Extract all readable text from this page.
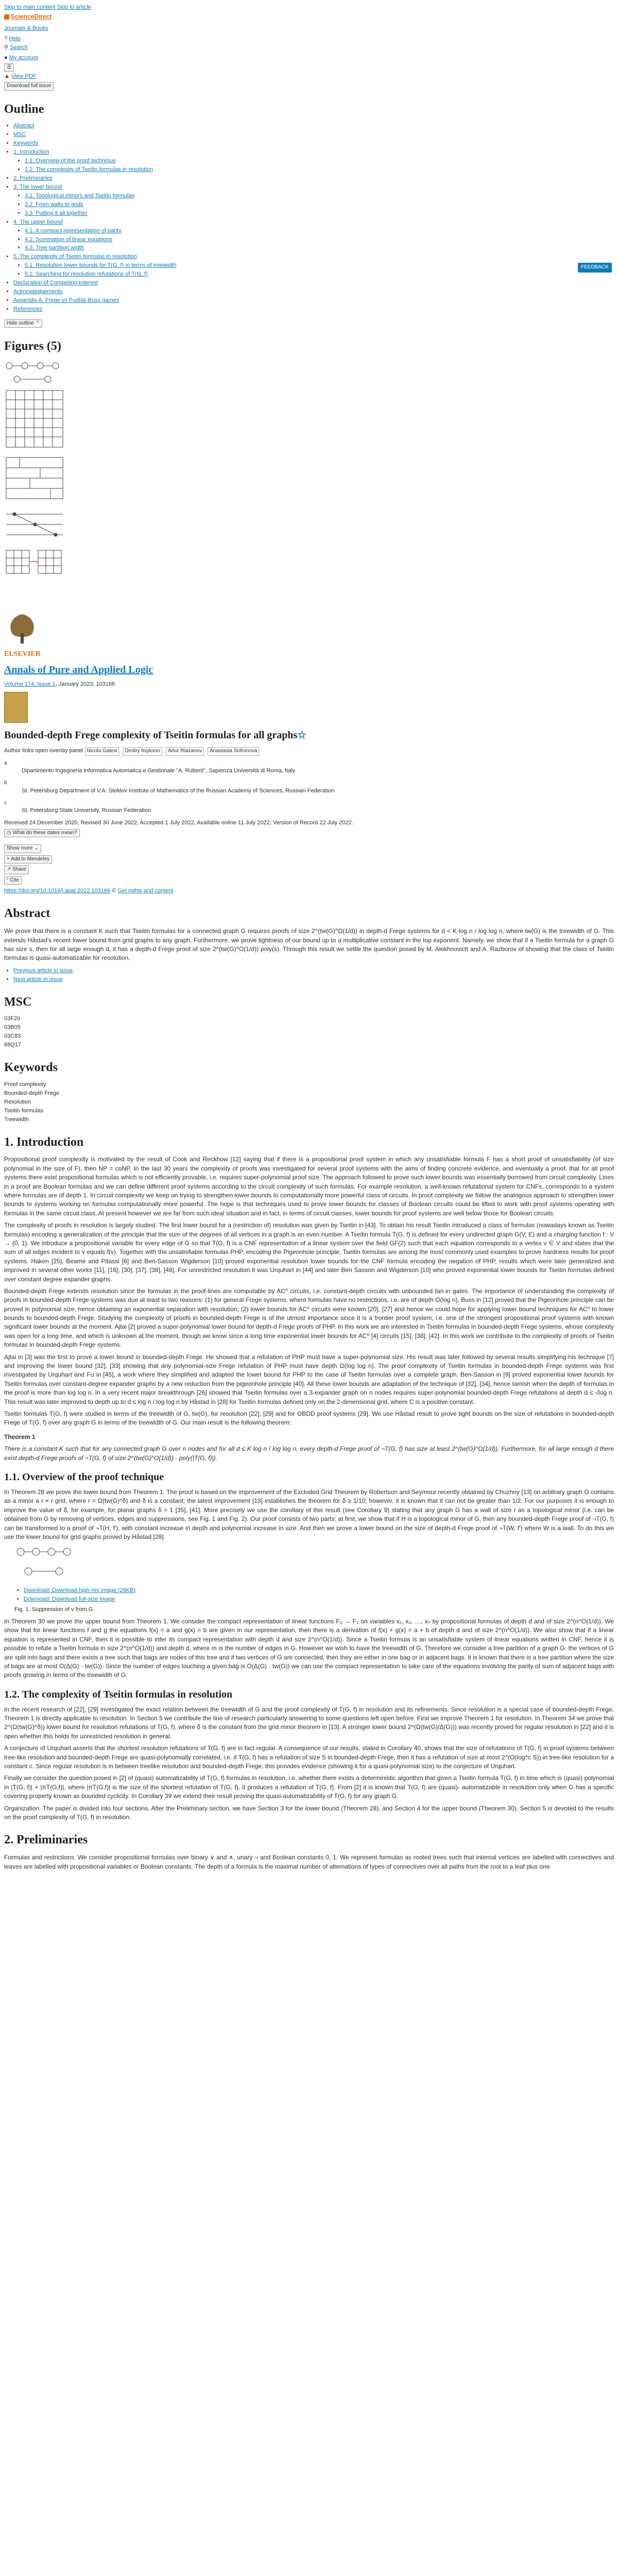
Skip to main content Skip to article
ScienceDirect
Journals & Books
? Help
⚲ Search
● My account
☰
▲ View PDF
Download full issue
Outline
• Abstract
• MSC
• Keywords
• 1. Introduction
• 1.1. Overview of the proof technique
• 1.2. The complexity of Tseitin formulas in resolution
• 2. Preliminaries
• 3. The lower bound
• 3.1. Topological minors and Tseitin formulas
• 3.2. From walls to grids
• 3.3. Putting it all together
• 4. The upper bound
• 4.1. A compact representation of parity
• 4.2. Summation of linear equations
• 4.3. Tree-partition width
• 5. The complexity of Tseitin formulas in resolution
• 5.1. Resolution lower bounds for T(G, f) in terms of treewidth
• 5.2. Searching for resolution refutations of T(G, f)
• Declaration of Competing Interest
• Acknowledgements
• Appendix A. Frege vs Pudlák-Buss games
• References
Hide outline ⌃
FEEDBACK
Figures (5)
ELSEVIER
Annals of Pure and Applied Logic
Volume 174, Issue 1, January 2023, 103166
Bounded-depth Frege complexity of Tseitin formulas for all graphs☆
Author links open overlay panel Nicola Galesi Dmitry Itsykson Artur Riazanov Anastasia Sofronova
a
Dipartimento Ingegneria Informatica Automatica e Gestionale "A. Ruberti", Sapienza Università di Roma, Italy
b
St. Petersburg Department of V.A. Steklov Institute of Mathematics of the Russian Academy of Sciences, Russian Federation
c
St. Petersburg State University, Russian Federation
Received 24 December 2020, Revised 30 June 2022, Accepted 1 July 2022, Available online 11 July 2022, Version of Record 22 July 2022.
◷ What do these dates mean?
Show more ⌄
+ Add to Mendeley
↗ Share
“ Cite
https://doi.org/10.1016/j.apal.2022.103166 © Get rights and content
Abstract

We prove that there is a constant K such that Tseitin formulas for a connected graph G requires proofs of size 2^(tw(G)^Ω(1/d)) in depth-d Frege systems for d < K·log n / log log n, where tw(G) is the treewidth of G. This extends Håstad's recent lower bound from grid graphs to any graph. Furthermore, we prove tightness of our bound up to a multiplicative constant in the top exponent. Namely, we show that if a Tseitin formula for a graph G has size s, then for all large enough d, it has a depth-d Frege proof of size 2^(tw(G)^O(1/d)) poly(s). Through this result we settle the question posed by M. Alekhnovich and A. Razborov of showing that the class of Tseitin formulas is quasi-automatizable for resolution.

• Previous article in issue
• Next article in issue
MSC
03F20
03B05
03C83
68Q17
Keywords
Proof complexity
Bounded-depth Frege
Resolution
Tseitin formulas
Treewidth
1. Introduction

Propositional proof complexity is motivated by the result of Cook and Reckhow [12] saying that if there is a propositional proof system in which any unsatisfiable formula F has a short proof of unsatisfiability (of size polynomial in the size of F), then NP = coNP. In the last 30 years the complexity of proofs was investigated for several proof systems with the aims of finding concrete evidence, and eventually a proof, that for all proof systems there exist propositional formulas which is not efficiently provable, i.e. requires super-polynomial proof size. The approach followed to prove such lower bounds was essentially borrowed from circuit complexity. Lines in a proof are Boolean formulas and we can define different proof systems according to the circuit complexity of such formulas. For example resolution, a well-known refutational system for CNFs, corresponds to a system where formulas are of depth 1. In circuit complexity we keep on trying to strengthen lower bounds to computationally more powerful class of circuits. In proof complexity we follow the analogous approach to strengthen lower bounds to systems working on formulas computationally more powerful. The hope is that techniques used to prove lower bounds for classes of Boolean circuits could be lifted to work with proof systems operating with formulas in the same circuit class. At present however we are far from such ideal situation and in fact, in terms of circuit classes, lower bounds for proof systems are well below those for Boolean circuits.

The complexity of proofs in resolution is largely studied. The first lower bound for a (restriction of) resolution was given by Tseitin in [43]. To obtain his result Tseitin introduced a class of formulas (nowadays known as Tseitin formulas) encoding a generalization of the principle that the sum of the degrees of all vertices in a graph is an even number. A Tseitin formula T(G, f) is defined for every undirected graph G(V, E) and a charging function f : V → {0, 1}. We introduce a propositional variable for every edge of G so that T(G, f) is a CNF representation of a linear system over the field GF(2) such that each equation corresponds to a vertex v ∈ V and states that the sum of all edges incident to v equals f(v). Together with the unsatisfiable formulas PHP, encoding the Pigeonhole principle, Tseitin formulas are among the most commonly used examples to prove hardness results for proof systems. Haken [25], Beame and Pitassi [6] and Ben-Sasson Wigderson [10] proved exponential resolution lower bounds for the CNF formula encoding the negation of PHP, results which were later generalized and improved in several other works [11], [16], [30], [37], [38], [48]. For unrestricted resolution it was Urquhart in [44] and later Ben Sasson and Wigderson [10] who proved exponential lower bounds for Tseitin formulas defined over constant degree expander graphs.

Bounded-depth Frege extends resolution since the formulas in the proof-lines are computable by AC⁰ circuits, i.e. constant-depth circuits with unbounded fan-in gates. The importance of understanding the complexity of proofs in bounded-depth Frege systems was due at least to two reasons: (1) for general Frege systems, where formulas have no restrictions, i.e. are of depth O(log n), Buss in [12] proved that the Pigeonhole principle can be proved in polynomial size, hence obtaining an exponential separation with resolution; (2) lower bounds for AC⁰ circuits were known [20], [27] and hence we could hope for applying lower bound techniques for AC⁰ to lower bounds to bounded-depth Frege. Studying the complexity of proofs in bounded-depth Frege is of the utmost importance since it is a frontier proof system, i.e. one of the strongest propositional proof systems with known significant lower bounds at the moment. Ajtai [2] proved a super-polynomial lower bound for depth-d Frege proofs of PHP. In this work we are interested in Tseitin formulas in bounded-depth Frege systems, whose complexity was open for a long time, and which is unknown at the moment, though we know since a long time exponential lower bounds for AC⁰ [4] circuits [15], [38], [42]. In this work we contribute to the complexity of proofs of Tseitin formulas in bounded-depth Frege systems.

Ajtai in [3] was the first to prove a lower bound in bounded-depth Frege. He showed that a refutation of PHP must have a super-polynomial size. His result was later followed by several results simplifying his technique [7] and improving the lower bound [32], [33] showing that any polynomial-size Frege refutation of PHP must have depth Ω(log log n). The proof complexity of Tseitin formulas in bounded-depth Frege systems was first investigated by Urquhart and Fu in [45], a work where they simplified and adapted the lower bound for PHP to the case of Tseitin formulas over a complete graph. Ben-Sasson in [9] proved exponential lower bounds for Tseitin formulas over constant-degree expander graphs by a new reduction from the pigeonhole principle [40]. All these lower bounds are adaptation of the technique of [32], [34], hence tamish when the depth of formulas in the proof is more than log log n. In a very recent major breakthrough [26] showed that Tseitin formulas over a 3-expander graph on n nodes requires super-polynomial bounded-depth Frege refutations at depth d ≤ √log n. This result was later improved to depth up to d ≤ log n / log log n by Håstad in [28] for Tseitin formulas defined only on the 2-dimensional grid, where C is a positive constant.

Tseitin formulas T(G, f) were studied in terms of the treewidth of G, tw(G), for resolution [22], [29] and for OBDD proof systems [29]. We use Håstad result to prove tight bounds on the size of refutations in bounded-depth Frege of T(G, f) over any graph G in terms of the treewidth of G. Our main result is the following theorem:

Theorem 1

There is a constant K such that for any connected graph G over n nodes and for all d ≤ K·log n / log log n, every depth-d Frege proof of ¬T(G, f) has size at least 2^(tw(G)^Ω(1/d)). Furthermore, for all large enough d there exist depth-d Frege proofs of ¬T(G, f) of size 2^(tw(G)^O(1/d)) · poly(|T(G, f)|).

1.1. Overview of the proof technique

In Theorem 28 we prove the lower bound from Theorem 1. The proof is based on the improvement of the Excluded Grid Theorem by Robertson and Seymour recently obtained by Chuzhoy [13] on arbitrary graph G contains as a minor a r × r grid, where r = Ω(tw(G)^δ) and δ is a constant; the latest improvement [13] establishes the theorem for δ ≥ 1/10; however, it is known that it can not be greater than 1/2. For our purposes it is enough to improve the value of δ, for example, for planar graphs δ = 1 [35], [41]. More precisely we use the corollary of this result (see Corollary 9) stating that any graph G has a wall of size r as a topological minor (i.e. can be obtained from G by removing of vertices, edges and suppressions, see Fig. 1 and Fig. 2). Our proof consists of two parts: at first, we show that if H is a topological minor of G, then any bounded-depth Frege proof of ¬T(G, f) can be transformed to a proof of ¬T(H, f′), with constant increase in depth and polynomial increase in size. And then we prove a lower bound on the size of depth-d Frege proof of ¬T(W, f′) where W is a wall. To do this we use the lower bound for grid graphs proved by Håstad [28].

• Download: Download high-res image (28KB)
• Download: Download full-size image
Fig. 1. Suppression of v from G.

In Theorem 30 we prove the upper bound from Theorem 1. We consider the compact representation of linear functions F₀ → F₂ on variables x₁, x₂, …, xₙ by propositional formulas of depth d and of size 2^(n^O(1/d)). We show that for linear functions f and g the equations f(x) = a and g(x) = b are given in our representation, then there is a derivation of f(x) + g(x) = a + b of depth d and of size 2^(n^O(1/d)). We also show that if a linear equation is represented in CNF, then it is possible to infer its compact representation with depth d and size 2^(n^O(1/d)). Since a Tseitin formula is an unsatisfiable system of linear equations written in CNF, hence it is possible to refute a Tseitin formula in size 2^(n^O(1/d)) and depth d, where m is the number of edges in G. However we wish to have the treewidth of G. Therefore we consider a tree partition of a graph G: the vertices of G are split into bags and there exists a tree such that bags are nodes of this tree and if two vertices of G are connected, then they are either in one bag or in adjacent bags. It is known that there is a tree partition where the size of bags are at most O(Δ(G) · tw(G)). Since the number of edges touching a given bag is O(Δ(G) · tw(G)) we can use the compact representation to take care of the equations involving the parity of sum of adjacent bags with proofs growing in terms of the treewidth of G.

1.2. The complexity of Tseitin formulas in resolution

In the recent research of [22], [29] investigated the exact relation between the treewidth of G and the proof complexity of T(G, f) in resolution and its refinements. Since resolution is a special case of bounded-depth Frege, Theorem 1 is directly applicable to resolution. In Section 5 we contribute the line of research particularly answering to some questions left open before. First we improve Theorem 1 for resolution. In Theorem 34 we prove that 2^(Ω(tw(G)^δ)) lower bound for resolution refutations of T(G, f), where δ is the constant from the grid minor theorem in [13]. A stronger lower bound 2^(Ω(tw(G)/Δ(G))) was recently proved for regular resolution in [22] and it is open whether this holds for unrestricted resolution in general.

A conjecture of Urquhart asserts that the shortest resolution refutations of T(G, f) are in fact regular. A consequence of our results, stated in Corollary 40, shows that the size of refutations of T(G, f) in proof systems between tree-like resolution and bounded-depth Frege are quasi-polynomially correlated, i.e. if T(G, f) has a refutation of size S in bounded-depth Frege, then it has a refutation of size at most 2^(O(log^c S)) in tree-like resolution for a constant c. Since regular resolution is in between treelike resolution and bounded-depth Frege, this provides evidence (showing it for a quasi-polynomial size) to the conjecture of Urquhart.

Finally we consider the question posed in [2] of (quasi) automatizability of T(G, f) formulas in resolution, i.e. whether there exists a deterministic algorithm that given a Tseitin formula T(G, f) in time which is (quasi) polynomial in |T(G, f)| + |πT(G,f)|, where |πT(G,f)| is the size of the shortest refutation of T(G, f), it produces a refutation of T(G, f). From [2] it is known that T(G, f) are (quasi)- automatizable in resolution only when G has a specific covering property known as bounded cyclicity. In Corollary 39 we extend their result proving the quasi-automatizability of T(G, f) for any graph G.

Organization. The paper is divided into four sections. After the Preliminary section, we have Section 3 for the lower bound (Theorem 28), and Section 4 for the upper bound (Theorem 30). Section 5 is devoted to the results on the proof complexity of T(G, f) in resolution.

2. Preliminaries

Formulas and restrictions. We consider propositional formulas over binary ∨ and ∧, unary ¬ and Boolean constants 0, 1. We represent formulas as rooted trees such that internal vertices are labelled with connectives and leaves are labelled with propositional variables or Boolean constants. The depth of a formula is the maximal number of alternations of types of connectives over all paths from the root to a leaf plus one.
